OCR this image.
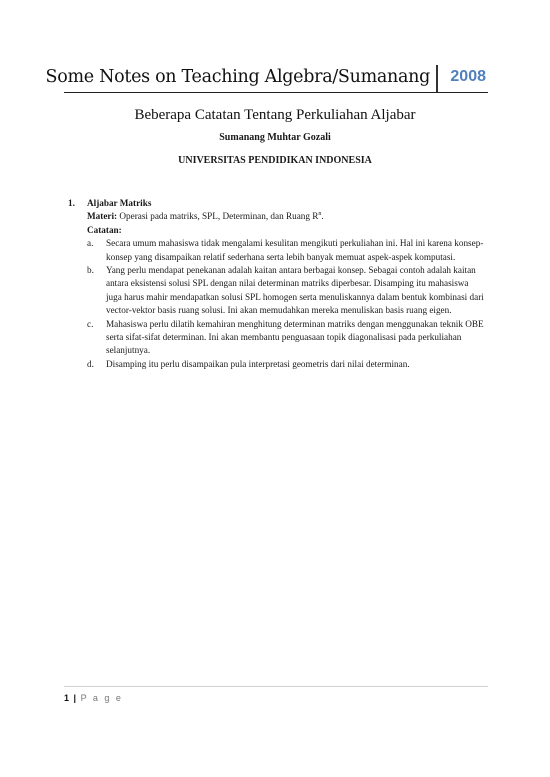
Some Notes on Teaching Algebra/Sumanang 2008
Beberapa Catatan Tentang Perkuliahan Aljabar
Sumanang Muhtar Gozali
UNIVERSITAS PENDIDIKAN INDONESIA
1. Aljabar Matriks
Materi: Operasi pada matriks, SPL, Determinan, dan Ruang $R^n$.
Catatan:
a. Secara umum mahasiswa tidak mengalami kesulitan mengikuti perkuliahan ini. Hal ini karena konsep-konsep yang disampaikan relatif sederhana serta lebih banyak memuat aspek-aspek komputasi.
b. Yang perlu mendapat penekanan adalah kaitan antara berbagai konsep. Sebagai contoh adalah kaitan antara eksistensi solusi SPL dengan nilai determinan matriks diperbesar. Disamping itu mahasiswa juga harus mahir mendapatkan solusi SPL homogen serta menuliskannya dalam bentuk kombinasi dari vector-vektor basis ruang solusi. Ini akan memudahkan mereka menuliskan basis ruang eigen.
c. Mahasiswa perlu dilatih kemahiran menghitung determinan matriks dengan menggunakan teknik OBE serta sifat-sifat determinan. Ini akan membantu penguasaan topik diagonalisasi pada perkuliahan selanjutnya.
d. Disamping itu perlu disampaikan pula interpretasi geometris dari nilai determinan.
1 | P a g e
